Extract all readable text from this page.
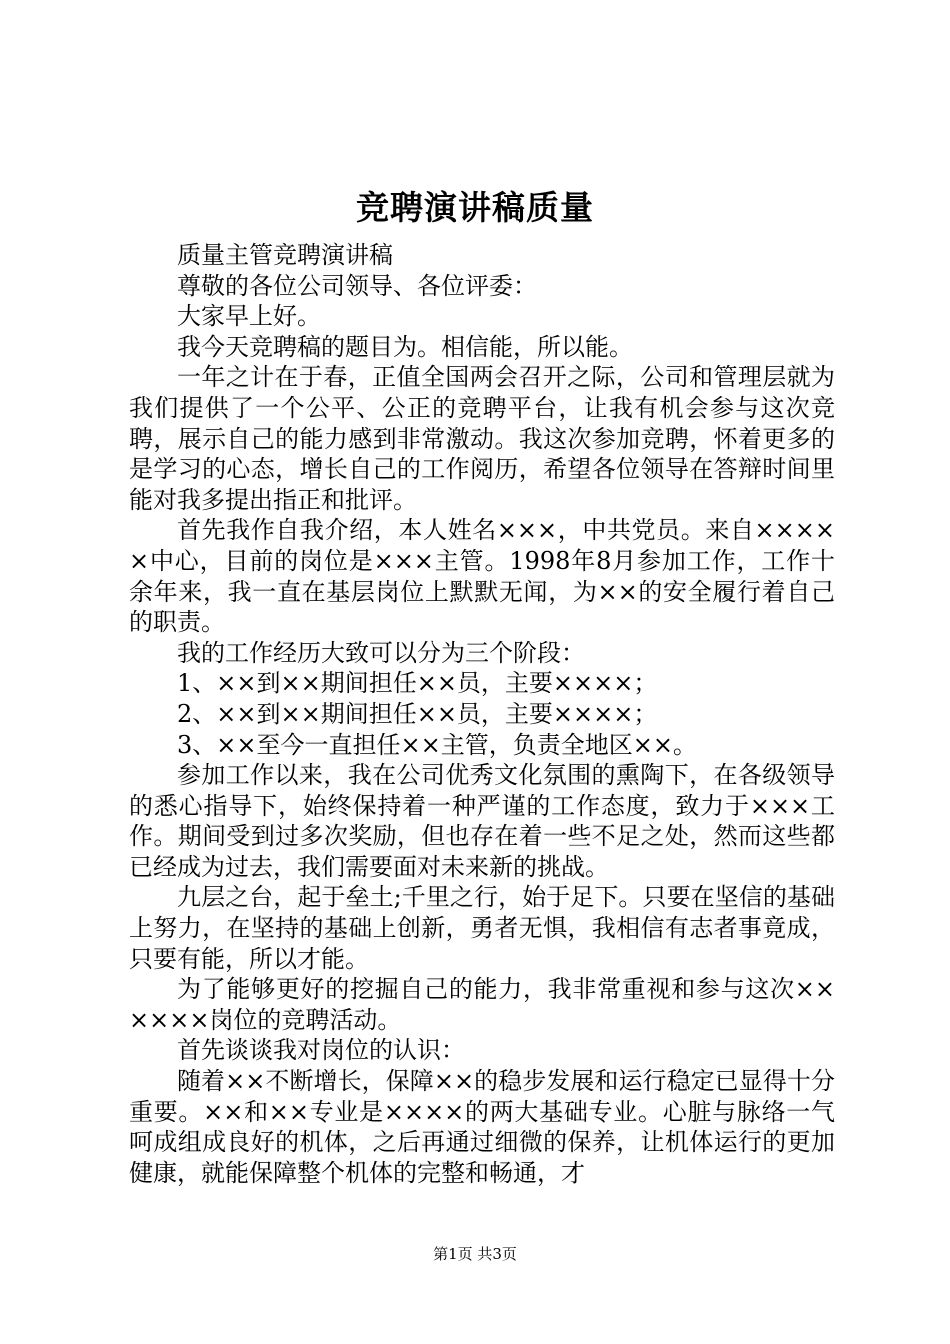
竞聘演讲稿质量

质量主管竞聘演讲稿

尊敬的各位公司领导、各位评委：

大家早上好。

我今天竞聘稿的题目为。相信能，所以能。

一年之计在于春，正值全国两会召开之际，公司和管理层就为我们提供了一个公平、公正的竞聘平台，让我有机会参与这次竞聘，展示自己的能力感到非常激动。我这次参加竞聘，怀着更多的是学习的心态，增长自己的工作阅历，希望各位领导在答辩时间里能对我多提出指正和批评。

首先我作自我介绍，本人姓名×××，中共党员。来自×××××中心，目前的岗位是×××主管。1998年8月参加工作，工作十余年来，我一直在基层岗位上默默无闻，为××的安全履行着自己的职责。

我的工作经历大致可以分为三个阶段：

1、××到××期间担任××员，主要××××；

2、××到××期间担任××员，主要××××；

3、××至今一直担任××主管，负责全地区××。

参加工作以来，我在公司优秀文化氛围的熏陶下，在各级领导的悉心指导下，始终保持着一种严谨的工作态度，致力于×××工作。期间受到过多次奖励，但也存在着一些不足之处，然而这些都已经成为过去，我们需要面对未来新的挑战。

九层之台，起于垒土;千里之行，始于足下。只要在坚信的基础上努力，在坚持的基础上创新，勇者无惧，我相信有志者事竟成，只要有能，所以才能。

为了能够更好的挖掘自己的能力，我非常重视和参与这次××××××岗位的竞聘活动。

首先谈谈我对岗位的认识：

随着××不断增长，保障××的稳步发展和运行稳定已显得十分重要。××和××专业是××××的两大基础专业。心脏与脉络一气呵成组成良好的机体，之后再通过细微的保养，让机体运行的更加健康，就能保障整个机体的完整和畅通，才

第1页 共3页
